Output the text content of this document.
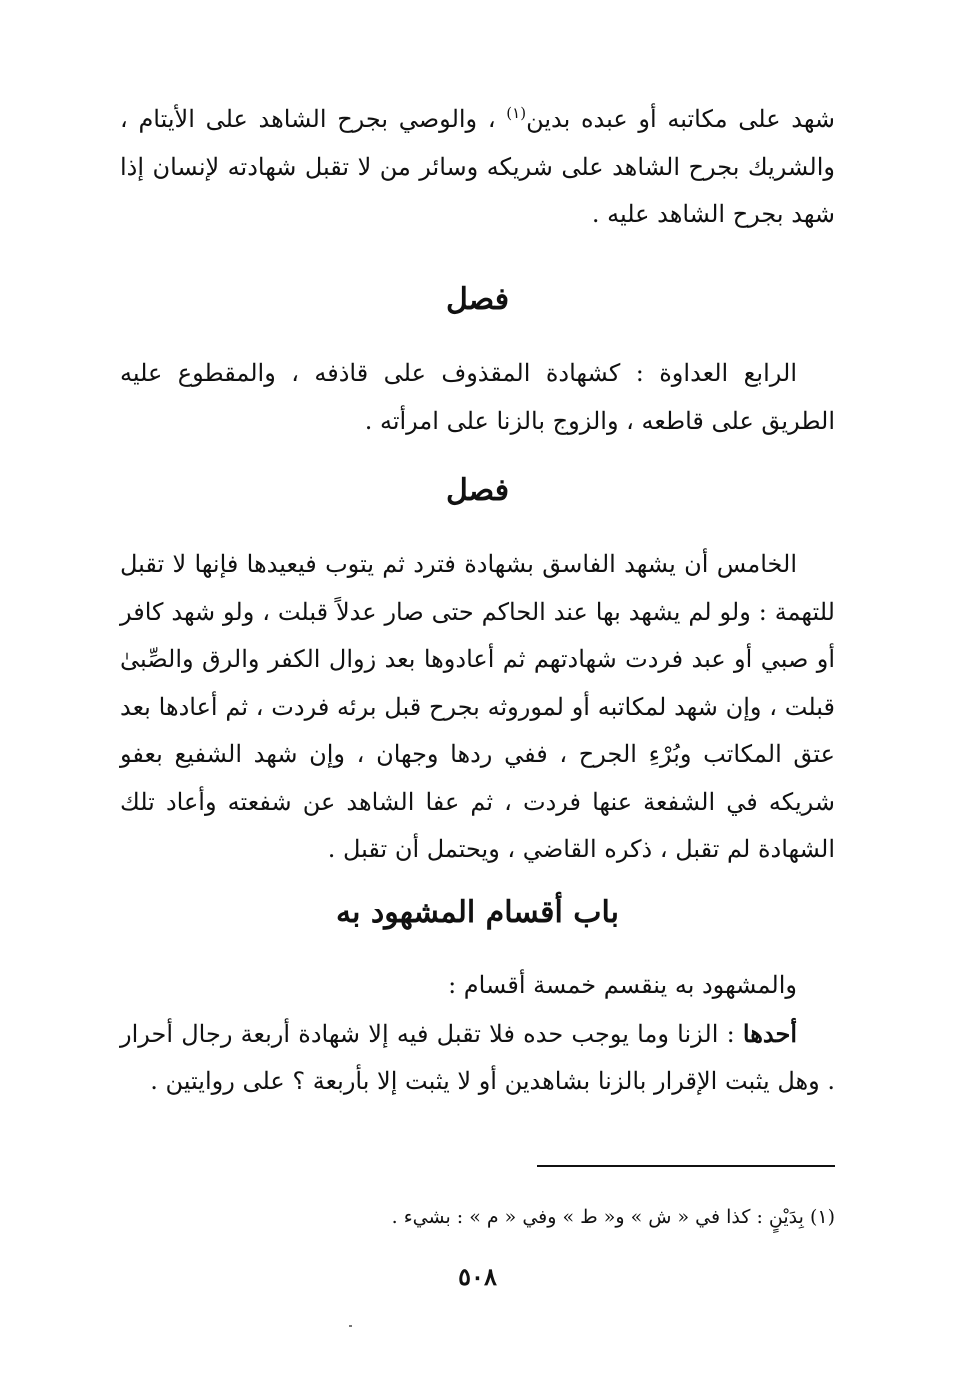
شهد على مكاتبه أو عبده بدين$^{(١)}$ ، والوصي بجرح الشاهد على الأيتام ، والشريك بجرح الشاهد على شريكه وسائر من لا تقبل شهادته لإنسان إذا شهد بجرح الشاهد عليه .
فصل
الرابع العداوة : كشهادة المقذوف على قاذفه ، والمقطوع عليه الطريق على قاطعه ، والزوج بالزنا على امرأته .
فصل
الخامس أن يشهد الفاسق بشهادة فترد ثم يتوب فيعيدها فإنها لا تقبل للتهمة : ولو لم يشهد بها عند الحاكم حتى صار عدلاً قبلت ، ولو شهد كافر أو صبي أو عبد فردت شهادتهم ثم أعادوها بعد زوال الكفر والرق والصِّبىٰ قبلت ، وإن شهد لمكاتبه أو لموروثه بجرح قبل برئه فردت ، ثم أعادها بعد عتق المكاتب وبُرْءِ الجرح ، ففي ردها وجهان ، وإن شهد الشفيع بعفو شريكه في الشفعة عنها فردت ، ثم عفا الشاهد عن شفعته وأعاد تلك الشهادة لم تقبل ، ذكره القاضي ، ويحتمل أن تقبل .
باب أقسام المشهود به
والمشهود به ينقسم خمسة أقسام :
أحدها : الزنا وما يوجب حده فلا تقبل فيه إلا شهادة أربعة رجال أحرار . وهل يثبت الإقرار بالزنا بشاهدين أو لا يثبت إلا بأربعة ؟ على روايتين .
(١) بِدَيْنٍ : كذا في « ش » و« ط » وفي « م » : بشيء .
٥٠٨
